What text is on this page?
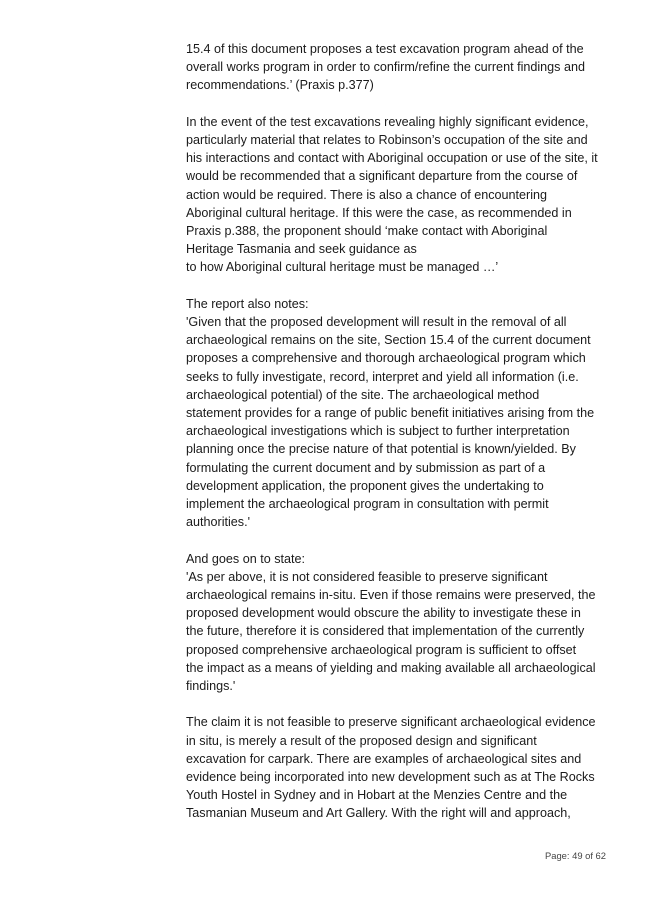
15.4 of this document proposes a test excavation program ahead of the
overall works program in order to confirm/refine the current findings and
recommendations.’ (Praxis p.377)

In the event of the test excavations revealing highly significant evidence,
particularly material that relates to Robinson’s occupation of the site and
his interactions and contact with Aboriginal occupation or use of the site, it
would be recommended that a significant departure from the course of
action would be required. There is also a chance of encountering
Aboriginal cultural heritage. If this were the case, as recommended in
Praxis p.388, the proponent should ‘make contact with Aboriginal
Heritage Tasmania and seek guidance as
to how Aboriginal cultural heritage must be managed …’

The report also notes:
'Given that the proposed development will result in the removal of all
archaeological remains on the site, Section 15.4 of the current document
proposes a comprehensive and thorough archaeological program which
seeks to fully investigate, record, interpret and yield all information (i.e.
archaeological potential) of the site. The archaeological method
statement provides for a range of public benefit initiatives arising from the
archaeological investigations which is subject to further interpretation
planning once the precise nature of that potential is known/yielded. By
formulating the current document and by submission as part of a
development application, the proponent gives the undertaking to
implement the archaeological program in consultation with permit
authorities.'

And goes on to state:
'As per above, it is not considered feasible to preserve significant
archaeological remains in-situ. Even if those remains were preserved, the
proposed development would obscure the ability to investigate these in
the future, therefore it is considered that implementation of the currently
proposed comprehensive archaeological program is sufficient to offset
the impact as a means of yielding and making available all archaeological
findings.'

The claim it is not feasible to preserve significant archaeological evidence
in situ, is merely a result of the proposed design and significant
excavation for carpark. There are examples of archaeological sites and
evidence being incorporated into new development such as at The Rocks
Youth Hostel in Sydney and in Hobart at the Menzies Centre and the
Tasmanian Museum and Art Gallery. With the right will and approach,

Page: 49 of 62
